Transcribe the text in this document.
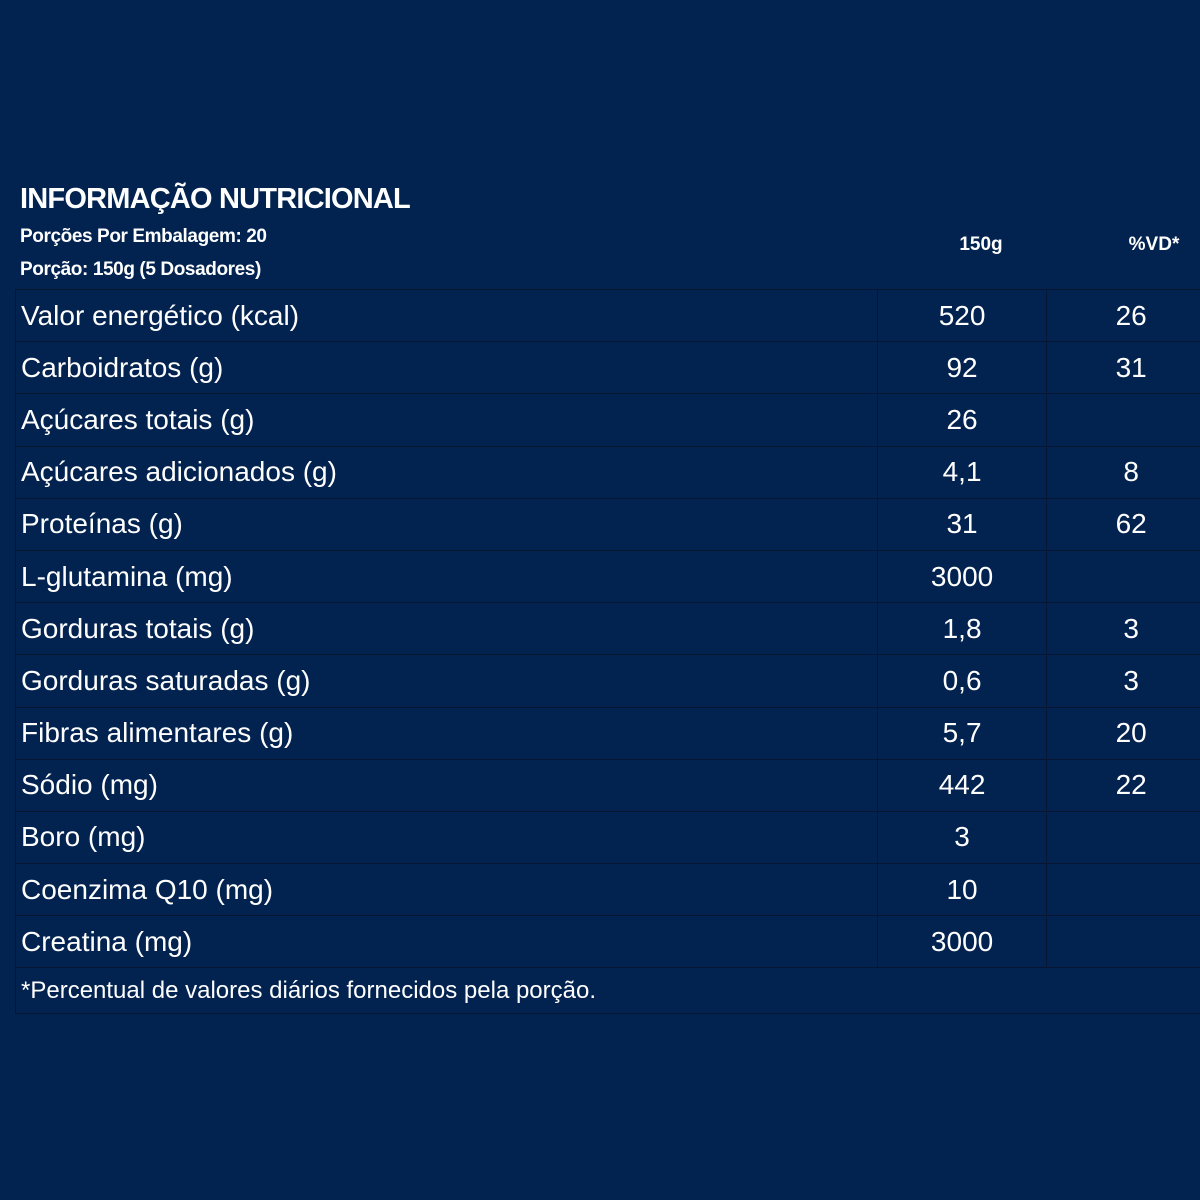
INFORMAÇÃO NUTRICIONAL
Porções Por Embalagem: 20
Porção: 150g (5 Dosadores)
150g	%VD*
Valor energético (kcal)	520	26
Carboidratos (g)	92	31
Açúcares totais (g)	26
Açúcares adicionados (g)	4,1	8
Proteínas (g)	31	62
L-glutamina (mg)	3000
Gorduras totais (g)	1,8	3
Gorduras saturadas (g)	0,6	3
Fibras alimentares (g)	5,7	20
Sódio (mg)	442	22
Boro (mg)	3
Coenzima Q10 (mg)	10
Creatina (mg)	3000
*Percentual de valores diários fornecidos pela porção.
